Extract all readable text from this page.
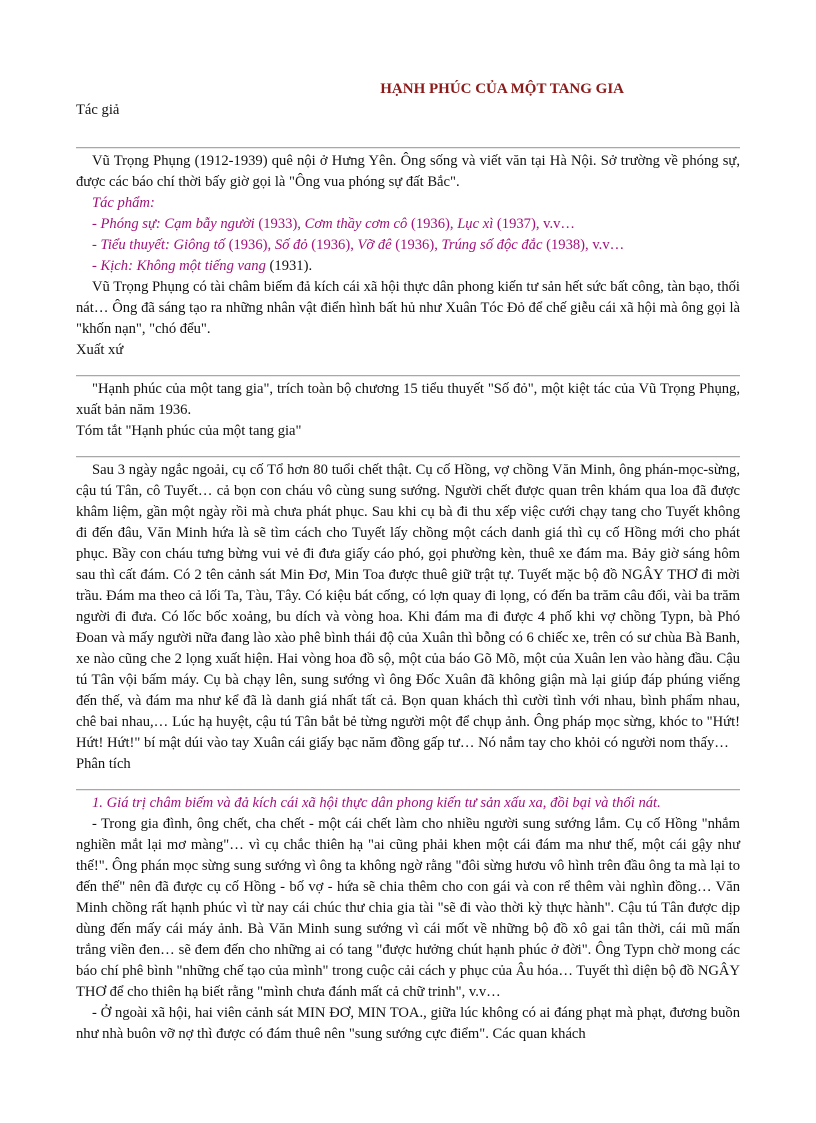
HẠNH PHÚC CỦA MỘT TANG GIA
Tác giả

Vũ Trọng Phụng (1912-1939) quê nội ở Hưng Yên. Ông sống và viết văn tại Hà Nội. Sở trường về phóng sự, được các báo chí thời bấy giờ gọi là "Ông vua phóng sự đất Bắc".

Tác phẩm:

- Phóng sự: Cạm bẫy người (1933), Cơm thầy cơm cô (1936), Lục xì (1937), v.v…

- Tiểu thuyết: Giông tố (1936), Số đỏ (1936), Vỡ đê (1936), Trúng số độc đắc (1938), v.v…

- Kịch: Không một tiếng vang (1931).

Vũ Trọng Phụng có tài châm biếm đả kích cái xã hội thực dân phong kiến tư sản hết sức bất công, tàn bạo, thối nát… Ông đã sáng tạo ra những nhân vật điển hình bất hủ như Xuân Tóc Đỏ để chế giễu cái xã hội mà ông gọi là "khốn nạn", "chó đểu".

Xuất xứ

"Hạnh phúc của một tang gia", trích toàn bộ chương 15 tiểu thuyết "Số đỏ", một kiệt tác của Vũ Trọng Phụng, xuất bản năm 1936.

Tóm tắt "Hạnh phúc của một tang gia"

Sau 3 ngày ngắc ngoải, cụ cố Tổ hơn 80 tuổi chết thật. Cụ cố Hồng, vợ chồng Văn Minh, ông phán-mọc-sừng, cậu tú Tân, cô Tuyết… cả bọn con cháu vô cùng sung sướng. Người chết được quan trên khám qua loa đã được khâm liệm, gần một ngày rồi mà chưa phát phục. Sau khi cụ bà đi thu xếp việc cưới chạy tang cho Tuyết không đi đến đâu, Văn Minh hứa là sẽ tìm cách cho Tuyết lấy chồng một cách danh giá thì cụ cố Hồng mới cho phát phục. Bầy con cháu tưng bừng vui vẻ đi đưa giấy cáo phó, gọi phường kèn, thuê xe đám ma. Bảy giờ sáng hôm sau thì cất đám. Có 2 tên cảnh sát Min Đơ, Min Toa được thuê giữ trật tự. Tuyết mặc bộ đồ NGÂY THƠ đi mời trầu. Đám ma theo cả lối Ta, Tàu, Tây. Có kiệu bát cống, có lợn quay đi lọng, có đến ba trăm câu đối, vài ba trăm người đi đưa. Có lốc bốc xoảng, bu dích và vòng hoa. Khi đám ma đi được 4 phố khi vợ chồng Typn, bà Phó Đoan và mấy người nữa đang lào xào phê bình thái độ của Xuân thì bỗng có 6 chiếc xe, trên có sư chùa Bà Banh, xe nào cũng che 2 lọng xuất hiện. Hai vòng hoa đồ sộ, một của báo Gõ Mõ, một của Xuân len vào hàng đầu. Cậu tú Tân vội bấm máy. Cụ bà chạy lên, sung sướng vì ông Đốc Xuân đã không giận mà lại giúp đáp phúng viếng đến thế, và đám ma như kể đã là danh giá nhất tất cả. Bọn quan khách thì cười tình với nhau, bình phẩm nhau, chê bai nhau,… Lúc hạ huyệt, cậu tú Tân bắt bẻ từng người một để chụp ảnh. Ông pháp mọc sừng, khóc to "Hứt! Hứt! Hứt!" bí mật dúi vào tay Xuân cái giấy bạc năm đồng gấp tư… Nó nắm tay cho khỏi có người nom thấy…

Phân tích

1. Giá trị châm biếm và đả kích cái xã hội thực dân phong kiến tư sản xấu xa, đồi bại và thối nát.

- Trong gia đình, ông chết, cha chết - một cái chết làm cho nhiều người sung sướng lắm. Cụ cố Hồng "nhắm nghiền mắt lại mơ màng"… vì cụ chắc thiên hạ "ai cũng phải khen một cái đám ma như thế, một cái gậy như thế!". Ông phán mọc sừng sung sướng vì ông ta không ngờ rằng "đôi sừng hươu vô hình trên đầu ông ta mà lại to đến thế" nên đã được cụ cố Hồng - bố vợ - hứa sẽ chia thêm cho con gái và con rể thêm vài nghìn đồng… Văn Minh chồng rất hạnh phúc vì từ nay cái chúc thư chia gia tài "sẽ đi vào thời kỳ thực hành". Cậu tú Tân được dịp dùng đến mấy cái máy ảnh. Bà Văn Minh sung sướng vì cái mốt về những bộ đồ xô gai tân thời, cái mũ mấn trắng viền đen… sẽ đem đến cho những ai có tang "được hưởng chút hạnh phúc ở đời". Ông Typn chờ mong các báo chí phê bình "những chế tạo của mình" trong cuộc cải cách y phục của Âu hóa… Tuyết thì diện bộ đồ NGÂY THƠ để cho thiên hạ biết rằng "mình chưa đánh mất cả chữ trinh", v.v…

- Ở ngoài xã hội, hai viên cảnh sát MIN ĐƠ, MIN TOA., giữa lúc không có ai đáng phạt mà phạt, đương buồn như nhà buôn vỡ nợ thì được có đám thuê nên "sung sướng cực điểm". Các quan khách
